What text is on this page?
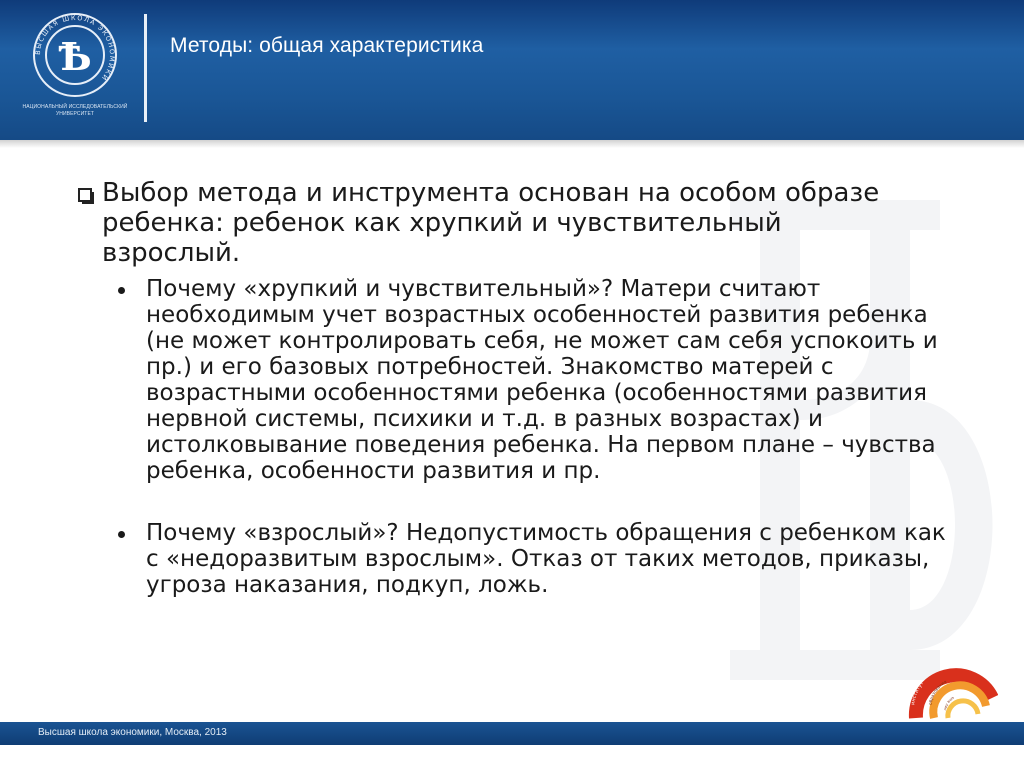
ВЫСШАЯ ШКОЛА ЭКОНОМИКИ
Ѣ
НАЦИОНАЛЬНЫЙ ИССЛЕДОВАТЕЛЬСКИЙ УНИВЕРСИТЕТ
Методы: общая характеристика
Выбор метода и инструмента основан на особом образе ребенка: ребенок как хрупкий и чувствительный взрослый.
Почему «хрупкий и чувствительный»? Матери считают необходимым учет возрастных особенностей развития ребенка (не может контролировать себя, не может сам себя успокоить и пр.) и его базовых потребностей. Знакомство матерей с возрастными особенностями ребенка (особенностями развития нервной системы, психики и т.д. в разных возрастах) и истолковывание поведения ребенка. На первом плане – чувства ребенка, особенности развития и пр.
Почему «взрослый»? Недопустимость обращения с ребенком как с «недоразвитым взрослым». Отказ от таких методов, приказы, угроза наказания, подкуп, ложь.
институт
образования
ниу вшэ
Высшая школа экономики, Москва, 2013
